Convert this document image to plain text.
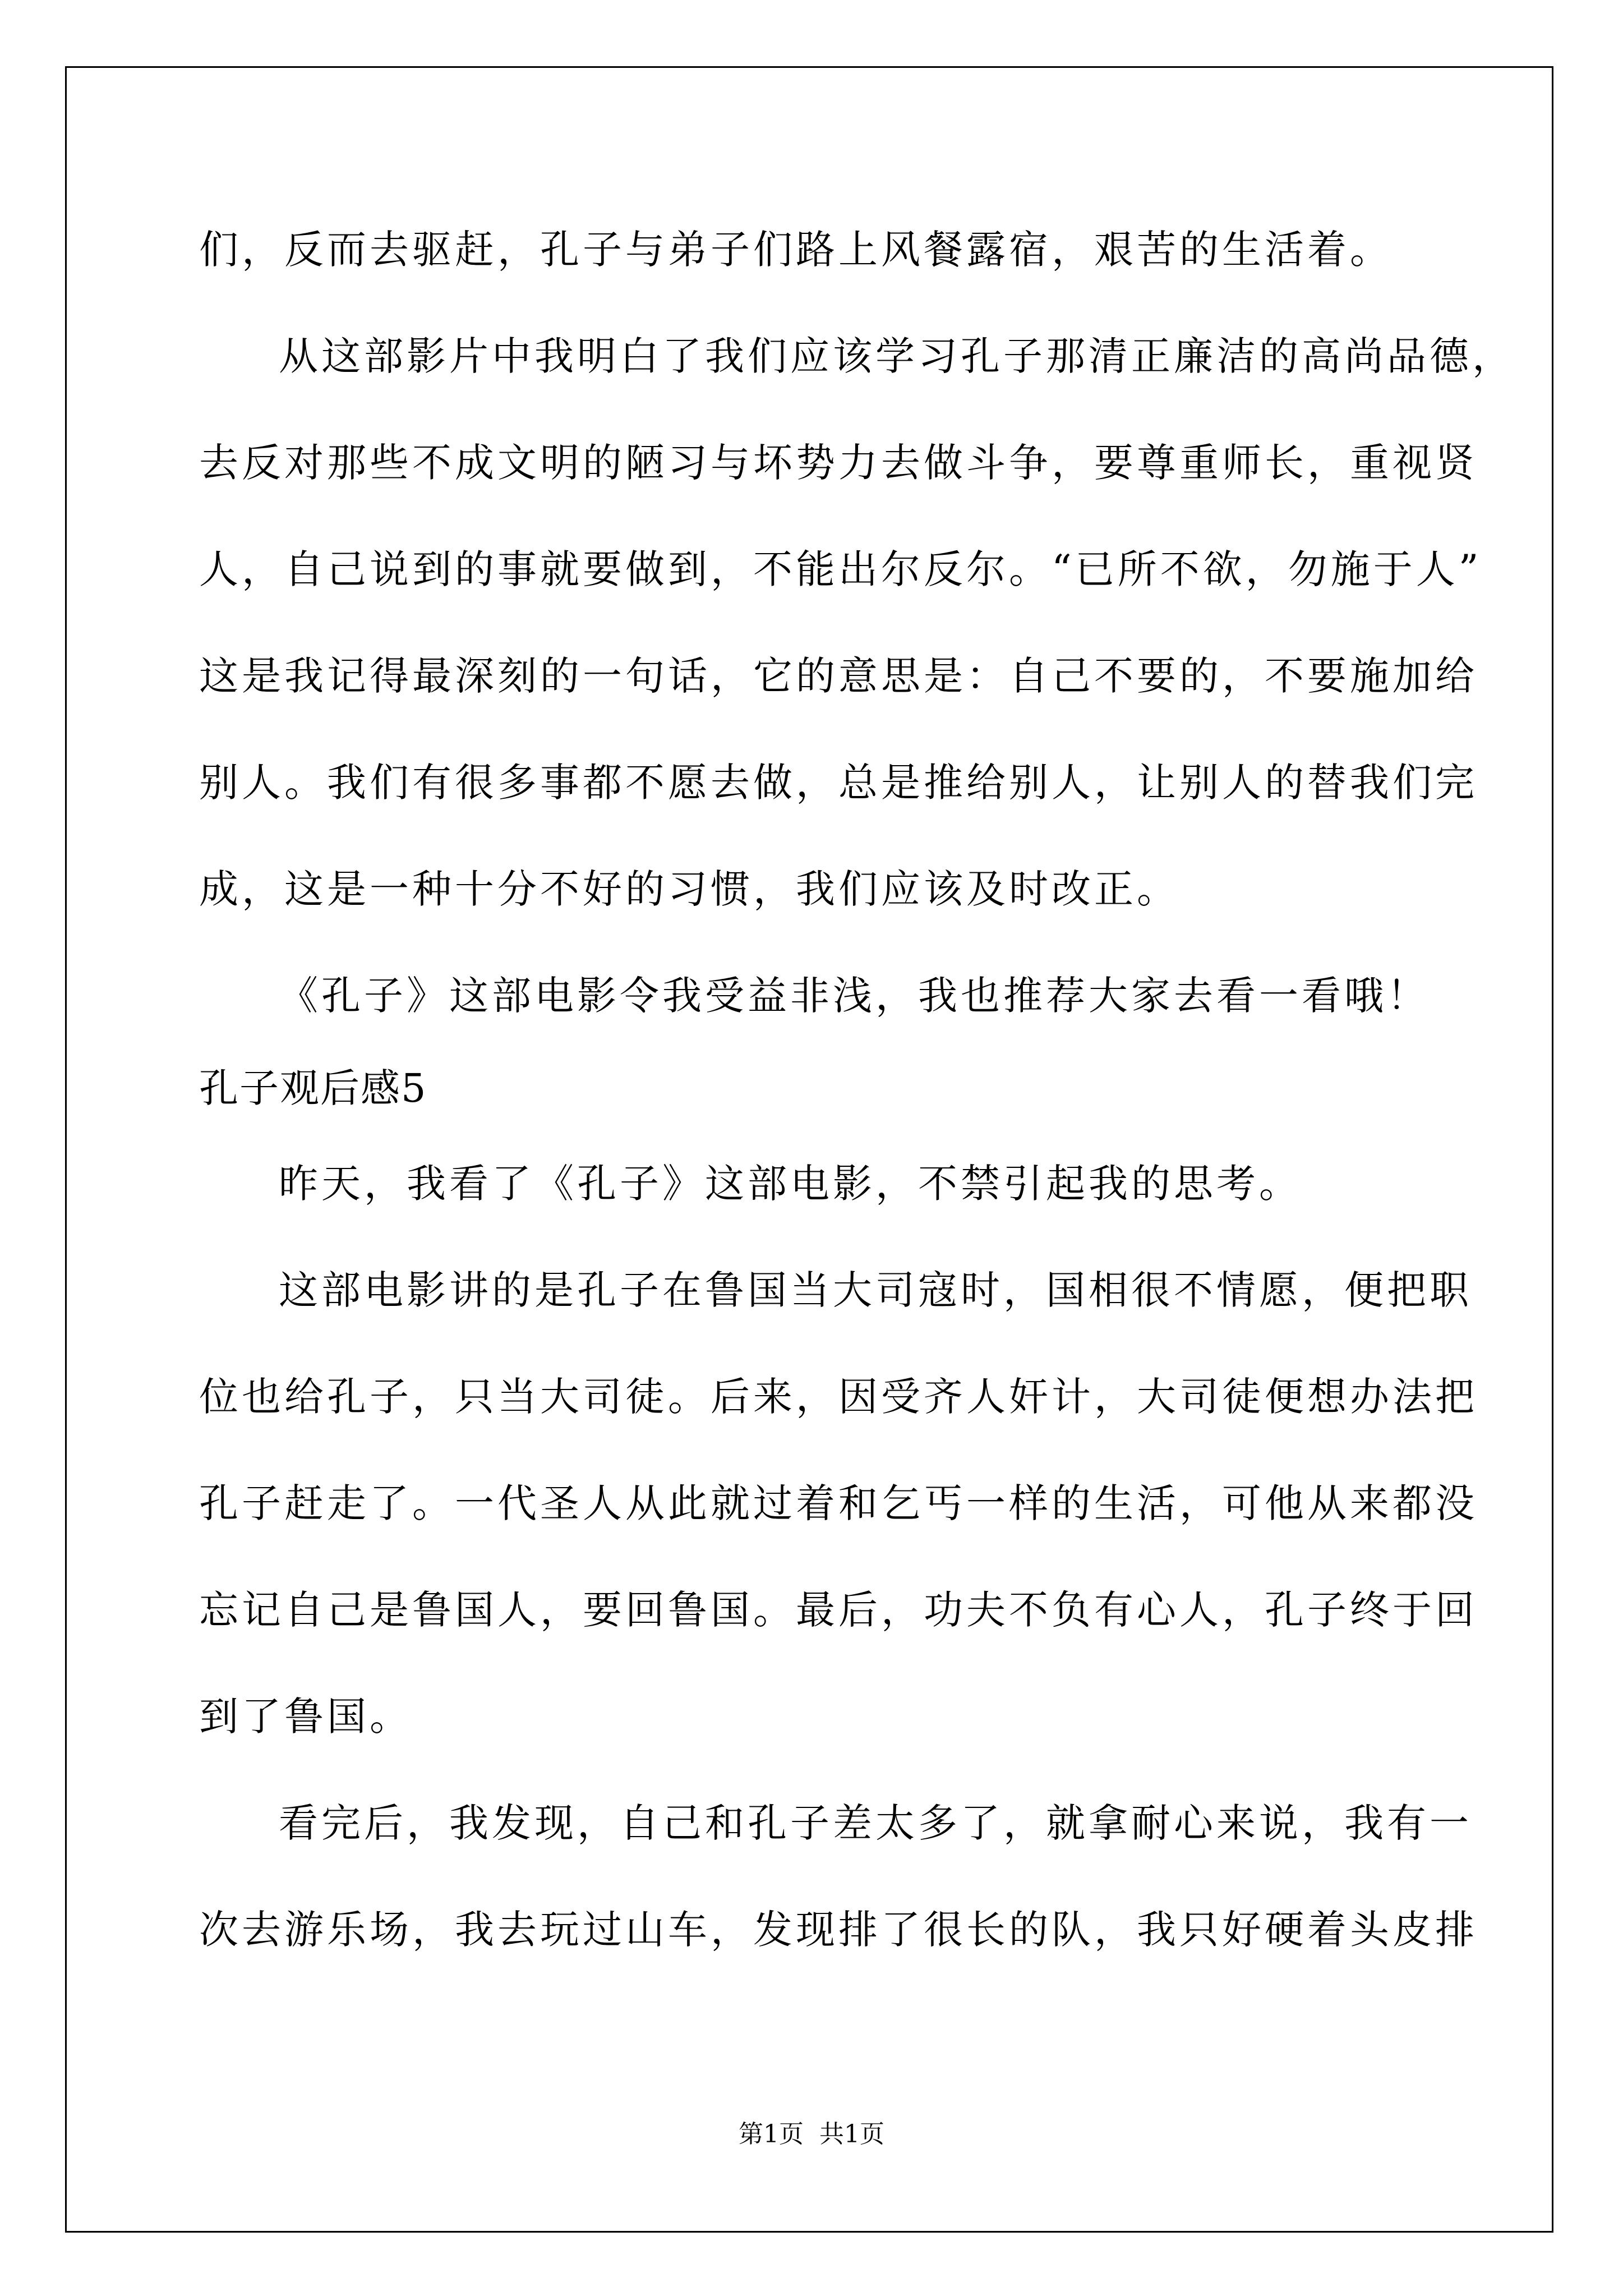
们，反而去驱赶，孔子与弟子们路上风餐露宿，艰苦的生活着。
从这部影片中我明白了我们应该学习孔子那清正廉洁的高尚品德，
去反对那些不成文明的陋习与坏势力去做斗争，要尊重师长，重视贤
人，自己说到的事就要做到，不能出尔反尔。“已所不欲，勿施于人”
这是我记得最深刻的一句话，它的意思是：自己不要的，不要施加给
别人。我们有很多事都不愿去做，总是推给别人，让别人的替我们完
成，这是一种十分不好的习惯，我们应该及时改正。
《孔子》这部电影令我受益非浅，我也推荐大家去看一看哦！
孔子观后感5
昨天，我看了《孔子》这部电影，不禁引起我的思考。
这部电影讲的是孔子在鲁国当大司寇时，国相很不情愿，便把职
位也给孔子，只当大司徒。后来，因受齐人奸计，大司徒便想办法把
孔子赶走了。一代圣人从此就过着和乞丐一样的生活，可他从来都没
忘记自己是鲁国人，要回鲁国。最后，功夫不负有心人，孔子终于回
到了鲁国。
看完后，我发现，自己和孔子差太多了，就拿耐心来说，我有一
次去游乐场，我去玩过山车，发现排了很长的队，我只好硬着头皮排
第1页 共1页
